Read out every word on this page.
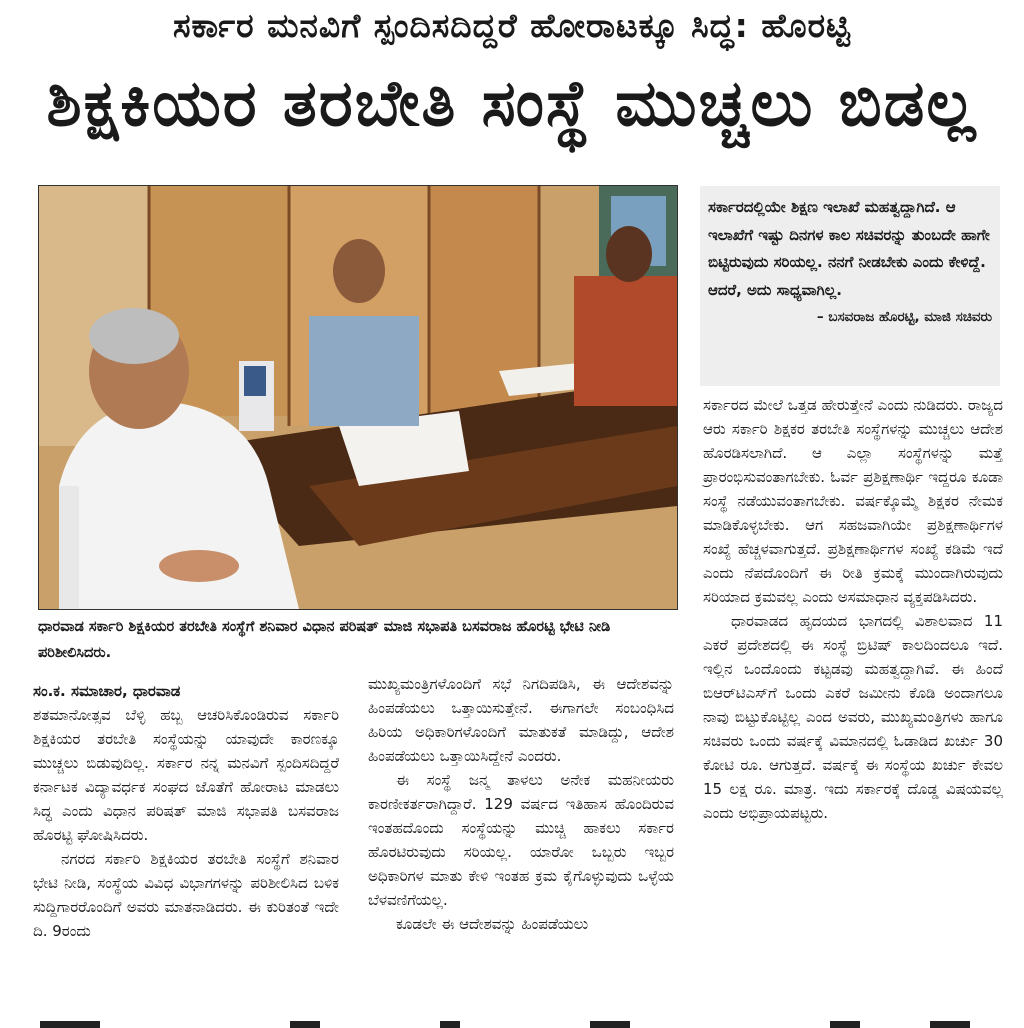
ಸರ್ಕಾರ ಮನವಿಗೆ ಸ್ಪಂದಿಸದಿದ್ದರೆ ಹೋರಾಟಕ್ಕೂ ಸಿದ್ಧ: ಹೊರಟ್ಟಿ
ಶಿಕ್ಷಕಿಯರ ತರಬೇತಿ ಸಂಸ್ಥೆ ಮುಚ್ಚಲು ಬಿಡಲ್ಲ
ಧಾರವಾಡ ಸರ್ಕಾರಿ ಶಿಕ್ಷಕಿಯರ ತರಬೇತಿ ಸಂಸ್ಥೆಗೆ ಶನಿವಾರ ವಿಧಾನ ಪರಿಷತ್ ಮಾಜಿ ಸಭಾಪತಿ ಬಸವರಾಜ ಹೊರಟ್ಟಿ ಭೇಟಿ ನೀಡಿ ಪರಿಶೀಲಿಸಿದರು.
ಸರ್ಕಾರದಲ್ಲಿಯೇ ಶಿಕ್ಷಣ ಇಲಾಖೆ ಮಹತ್ವದ್ದಾಗಿದೆ. ಆ ಇಲಾಖೆಗೆ ಇಷ್ಟು ದಿನಗಳ ಕಾಲ ಸಚಿವರನ್ನು ತುಂಬದೇ ಹಾಗೇ ಬಿಟ್ಟಿರುವುದು ಸರಿಯಲ್ಲ. ನನಗೆ ನೀಡಬೇಕು ಎಂದು ಕೇಳಿದ್ದೆ. ಆದರೆ, ಅದು ಸಾಧ್ಯವಾಗಿಲ್ಲ.
– ಬಸವರಾಜ ಹೊರಟ್ಟಿ, ಮಾಜಿ ಸಚಿವರು

ಸಂ.ಕ. ಸಮಾಚಾರ, ಧಾರವಾಡ

ಶತಮಾನೋತ್ಸವ ಬೆಳ್ಳಿ ಹಬ್ಬ ಆಚರಿಸಿಕೊಂಡಿರುವ ಸರ್ಕಾರಿ ಶಿಕ್ಷಕಿಯರ ತರಬೇತಿ ಸಂಸ್ಥೆಯನ್ನು ಯಾವುದೇ ಕಾರಣಕ್ಕೂ ಮುಚ್ಚಲು ಬಿಡುವುದಿಲ್ಲ. ಸರ್ಕಾರ ನನ್ನ ಮನವಿಗೆ ಸ್ಪಂದಿಸದಿದ್ದರೆ ಕರ್ನಾಟಕ ವಿದ್ಯಾವರ್ಧಕ ಸಂಘದ ಜೊತೆಗೆ ಹೋರಾಟ ಮಾಡಲು ಸಿದ್ಧ ಎಂದು ವಿಧಾನ ಪರಿಷತ್ ಮಾಜಿ ಸಭಾಪತಿ ಬಸವರಾಜ ಹೊರಟ್ಟಿ ಘೋಷಿಸಿದರು.

ನಗರದ ಸರ್ಕಾರಿ ಶಿಕ್ಷಕಿಯರ ತರಬೇತಿ ಸಂಸ್ಥೆಗೆ ಶನಿವಾರ ಭೇಟಿ ನೀಡಿ, ಸಂಸ್ಥೆಯ ವಿವಿಧ ವಿಭಾಗಗಳನ್ನು ಪರಿಶೀಲಿಸಿದ ಬಳಿಕ ಸುದ್ದಿಗಾರರೊಂದಿಗೆ ಅವರು ಮಾತನಾಡಿದರು. ಈ ಕುರಿತಂತೆ ಇದೇ ದಿ. 9ರಂದು

ಮುಖ್ಯಮಂತ್ರಿಗಳೊಂದಿಗೆ ಸಭೆ ನಿಗದಿಪಡಿಸಿ, ಈ ಆದೇಶವನ್ನು ಹಿಂಪಡೆಯಲು ಒತ್ತಾಯಿಸುತ್ತೇನೆ. ಈಗಾಗಲೇ ಸಂಬಂಧಿಸಿದ ಹಿರಿಯ ಅಧಿಕಾರಿಗಳೊಂದಿಗೆ ಮಾತುಕತೆ ಮಾಡಿದ್ದು, ಆದೇಶ ಹಿಂಪಡೆಯಲು ಒತ್ತಾಯಿಸಿದ್ದೇನೆ ಎಂದರು.

ಈ ಸಂಸ್ಥೆ ಜನ್ಮ ತಾಳಲು ಅನೇಕ ಮಹನೀಯರು ಕಾರಣೀಕರ್ತರಾಗಿದ್ದಾರೆ. 129 ವರ್ಷದ ಇತಿಹಾಸ ಹೊಂದಿರುವ ಇಂತಹದೊಂದು ಸಂಸ್ಥೆಯನ್ನು ಮುಚ್ಚಿ ಹಾಕಲು ಸರ್ಕಾರ ಹೊರಟಿರುವುದು ಸರಿಯಲ್ಲ. ಯಾರೋ ಒಬ್ಬರು ಇಬ್ಬರ ಅಧಿಕಾರಿಗಳ ಮಾತು ಕೇಳಿ ಇಂತಹ ಕ್ರಮ ಕೈಗೊಳ್ಳುವುದು ಒಳ್ಳೆಯ ಬೆಳವಣಿಗೆಯಲ್ಲ.

ಕೂಡಲೇ ಈ ಆದೇಶವನ್ನು ಹಿಂಪಡೆಯಲು

ಸರ್ಕಾರದ ಮೇಲೆ ಒತ್ತಡ ಹೇರುತ್ತೇನೆ ಎಂದು ನುಡಿದರು. ರಾಜ್ಯದ ಆರು ಸರ್ಕಾರಿ ಶಿಕ್ಷಕರ ತರಬೇತಿ ಸಂಸ್ಥೆಗಳನ್ನು ಮುಚ್ಚಲು ಆದೇಶ ಹೊರಡಿಸಲಾಗಿದೆ. ಆ ಎಲ್ಲಾ ಸಂಸ್ಥೆಗಳನ್ನು ಮತ್ತೆ ಪ್ರಾರಂಭಿಸುವಂತಾಗಬೇಕು. ಓರ್ವ ಪ್ರಶಿಕ್ಷಣಾರ್ಥಿ ಇದ್ದರೂ ಕೂಡಾ ಸಂಸ್ಥೆ ನಡೆಯುವಂತಾಗಬೇಕು. ವರ್ಷಕ್ಕೊಮ್ಮೆ ಶಿಕ್ಷಕರ ನೇಮಕ ಮಾಡಿಕೊಳ್ಳಬೇಕು. ಆಗ ಸಹಜವಾಗಿಯೇ ಪ್ರಶಿಕ್ಷಣಾರ್ಥಿಗಳ ಸಂಖ್ಯೆ ಹೆಚ್ಚಳವಾಗುತ್ತದೆ. ಪ್ರಶಿಕ್ಷಣಾರ್ಥಿಗಳ ಸಂಖ್ಯೆ ಕಡಿಮೆ ಇದೆ ಎಂದು ನೆಪದೊಂದಿಗೆ ಈ ರೀತಿ ಕ್ರಮಕ್ಕೆ ಮುಂದಾಗಿರುವುದು ಸರಿಯಾದ ಕ್ರಮವಲ್ಲ ಎಂದು ಅಸಮಾಧಾನ ವ್ಯಕ್ತಪಡಿಸಿದರು.

ಧಾರವಾಡದ ಹೃದಯದ ಭಾಗದಲ್ಲಿ ವಿಶಾಲವಾದ 11 ಎಕರೆ ಪ್ರದೇಶದಲ್ಲಿ ಈ ಸಂಸ್ಥೆ ಬ್ರಿಟಿಷ್ ಕಾಲದಿಂದಲೂ ಇದೆ. ಇಲ್ಲಿನ ಒಂದೊಂದು ಕಟ್ಟಡವು ಮಹತ್ವದ್ದಾಗಿವೆ. ಈ ಹಿಂದೆ ಬಿಆರ್‌ಟಿಎಸ್‌ಗೆ ಒಂದು ಎಕರೆ ಜಮೀನು ಕೊಡಿ ಅಂದಾಗಲೂ ನಾವು ಬಿಟ್ಟುಕೊಟ್ಟಿಲ್ಲ ಎಂದ ಅವರು, ಮುಖ್ಯಮಂತ್ರಿಗಳು ಹಾಗೂ ಸಚಿವರು ಒಂದು ವರ್ಷಕ್ಕೆ ವಿಮಾನದಲ್ಲಿ ಓಡಾಡಿದ ಖರ್ಚು 30 ಕೋಟಿ ರೂ. ಆಗುತ್ತದೆ. ವರ್ಷಕ್ಕೆ ಈ ಸಂಸ್ಥೆಯ ಖರ್ಚು ಕೇವಲ 15 ಲಕ್ಷ ರೂ. ಮಾತ್ರ. ಇದು ಸರ್ಕಾರಕ್ಕೆ ದೊಡ್ಡ ವಿಷಯವಲ್ಲ ಎಂದು ಅಭಿಪ್ರಾಯಪಟ್ಟರು.
